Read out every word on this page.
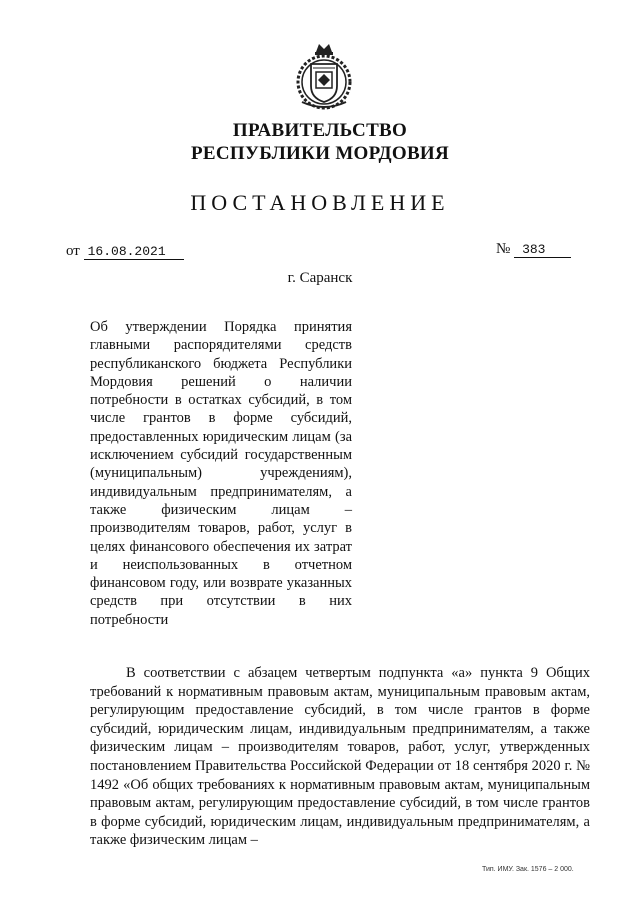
ПРАВИТЕЛЬСТВО
РЕСПУБЛИКИ МОРДОВИЯ
ПОСТАНОВЛЕНИЕ
от 16.08.2021	№ 383
г. Саранск
Об утверждении Порядка принятия главными распорядителями средств республиканского бюджета Республики Мордовия решений о наличии потребности в остатках субсидий, в том числе грантов в форме субсидий, предоставленных юридическим лицам (за исключением субсидий государственным (муниципальным) учреждениям), индивидуальным предпринимателям, а также физическим лицам – производителям товаров, работ, услуг в целях финансового обеспечения их затрат и неиспользованных в отчетном финансовом году, или возврате указанных средств при отсутствии в них потребности
В соответствии с абзацем четвертым подпункта «а» пункта 9 Общих требований к нормативным правовым актам, муниципальным правовым актам, регулирующим предоставление субсидий, в том числе грантов в форме субсидий, юридическим лицам, индивидуальным предпринимателям, а также физическим лицам – производителям товаров, работ, услуг, утвержденных постановлением Правительства Российской Федерации от 18 сентября 2020 г. № 1492 «Об общих требованиях к нормативным правовым актам, муниципальным правовым актам, регулирующим предоставление субсидий, в том числе грантов в форме субсидий, юридическим лицам, индивидуальным предпринимателям, а также физическим лицам –
Тип. ИМУ. Зак. 1576 – 2 000.
